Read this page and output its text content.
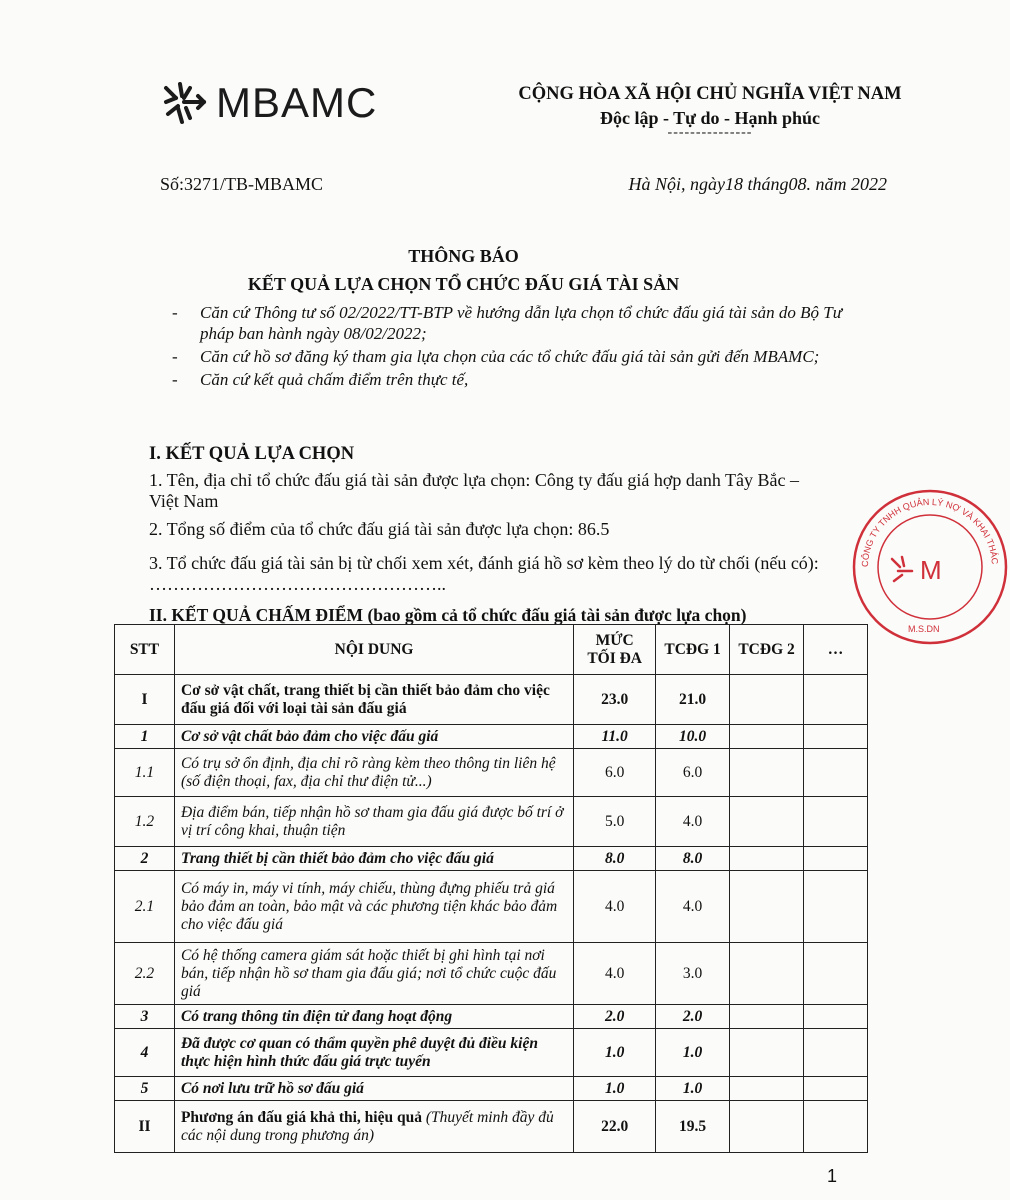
MBAMC	CỘNG HÒA XÃ HỘI CHỦ NGHĨA VIỆT NAM
Độc lập - Tự do - Hạnh phúc
---------------
Số:3271/TB-MBAMC	Hà Nội, ngày18 tháng08. năm 2022
THÔNG BÁO
KẾT QUẢ LỰA CHỌN TỔ CHỨC ĐẤU GIÁ TÀI SẢN
-	Căn cứ Thông tư số 02/2022/TT-BTP về hướng dẫn lựa chọn tổ chức đấu giá tài sản do Bộ Tư pháp ban hành ngày 08/02/2022;
-	Căn cứ hồ sơ đăng ký tham gia lựa chọn của các tổ chức đấu giá tài sản gửi đến MBAMC;
-	Căn cứ kết quả chấm điểm trên thực tế,
I. KẾT QUẢ LỰA CHỌN
1. Tên, địa chỉ tổ chức đấu giá tài sản được lựa chọn: Công ty đấu giá hợp danh Tây Bắc – Việt Nam
2. Tổng số điểm của tổ chức đấu giá tài sản được lựa chọn: 86.5
3. Tổ chức đấu giá tài sản bị từ chối xem xét, đánh giá hồ sơ kèm theo lý do từ chối (nếu có): …………………………………………..
II. KẾT QUẢ CHẤM ĐIỂM (bao gồm cả tổ chức đấu giá tài sản được lựa chọn)
STT	NỘI DUNG	MỨC TỐI ĐA	TCĐG 1	TCĐG 2	…
I	Cơ sở vật chất, trang thiết bị cần thiết bảo đảm cho việc đấu giá đối với loại tài sản đấu giá	23.0	21.0		
1	Cơ sở vật chất bảo đảm cho việc đấu giá	11.0	10.0		
1.1	Có trụ sở ổn định, địa chỉ rõ ràng kèm theo thông tin liên hệ (số điện thoại, fax, địa chỉ thư điện tử...)	6.0	6.0		
1.2	Địa điểm bán, tiếp nhận hồ sơ tham gia đấu giá được bố trí ở vị trí công khai, thuận tiện	5.0	4.0		
2	Trang thiết bị cần thiết bảo đảm cho việc đấu giá	8.0	8.0		
2.1	Có máy in, máy vi tính, máy chiếu, thùng đựng phiếu trả giá bảo đảm an toàn, bảo mật và các phương tiện khác bảo đảm cho việc đấu giá	4.0	4.0		
2.2	Có hệ thống camera giám sát hoặc thiết bị ghi hình tại nơi bán, tiếp nhận hồ sơ tham gia đấu giá; nơi tổ chức cuộc đấu giá	4.0	3.0		
3	Có trang thông tin điện tử đang hoạt động	2.0	2.0		
4	Đã được cơ quan có thẩm quyền phê duyệt đủ điều kiện thực hiện hình thức đấu giá trực tuyến	1.0	1.0		
5	Có nơi lưu trữ hồ sơ đấu giá	1.0	1.0		
II	Phương án đấu giá khả thi, hiệu quả (Thuyết minh đầy đủ các nội dung trong phương án)	22.0	19.5		
CÔNG TY TNHH QUẢN LÝ NỢ VÀ KHAI THÁC
M
M.S.DN
1
